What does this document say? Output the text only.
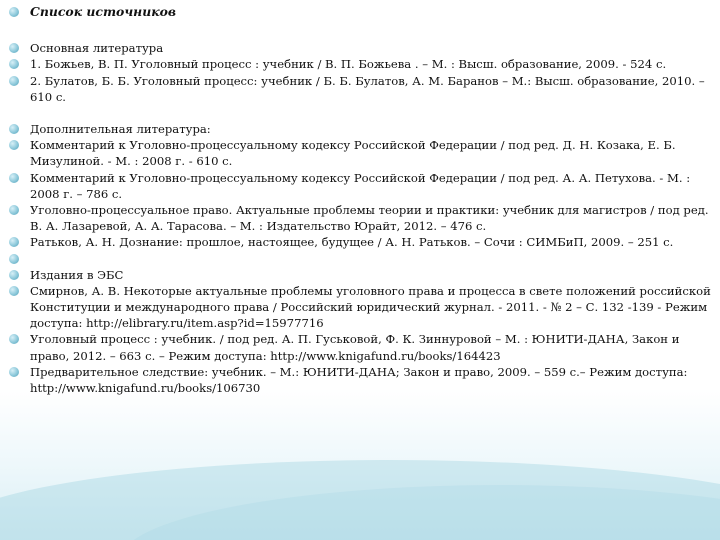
Список источников
Основная литература
1. Божьев, В. П. Уголовный процесс : учебник / В. П. Божьева . – М. : Высш. образование, 2009. - 524 с.
2. Булатов, Б. Б. Уголовный процесс: учебник / Б. Б. Булатов, А. М. Баранов – М.: Высш. образование, 2010. – 610 с.
Дополнительная литература:
Комментарий к Уголовно-процессуальному кодексу Российской Федерации / под ред. Д. Н. Козака, Е. Б. Мизулиной. - М. : 2008 г. - 610 с.
Комментарий к Уголовно-процессуальному кодексу Российской Федерации / под ред. А. А. Петухова. - М. : 2008 г. – 786 с.
Уголовно-процессуальное право. Актуальные проблемы теории и практики: учебник для магистров / под ред. В. А. Лазаревой, А. А. Тарасова. – М. : Издательство Юрайт, 2012. – 476 с.
Ратьков, А. Н. Дознание: прошлое, настоящее, будущее / А. Н. Ратьков. – Сочи : СИМБиП, 2009. – 251 с.
Издания в ЭБС
Смирнов, А. В. Некоторые актуальные проблемы уголовного права и процесса в свете положений российской Конституции и международного права / Российский юридический журнал. - 2011. - № 2 – С. 132 -139 - Режим доступа: http://elibrary.ru/item.asp?id=15977716
Уголовный процесс : учебник. / под ред. А. П. Гуськовой, Ф. К. Зиннуровой – М. : ЮНИТИ-ДАНА, Закон и право, 2012. – 663 с. – Режим доступа: http://www.knigafund.ru/books/164423
Предварительное следствие: учебник. – М.: ЮНИТИ-ДАНА; Закон и право, 2009. – 559 с.– Режим доступа: http://www.knigafund.ru/books/106730
